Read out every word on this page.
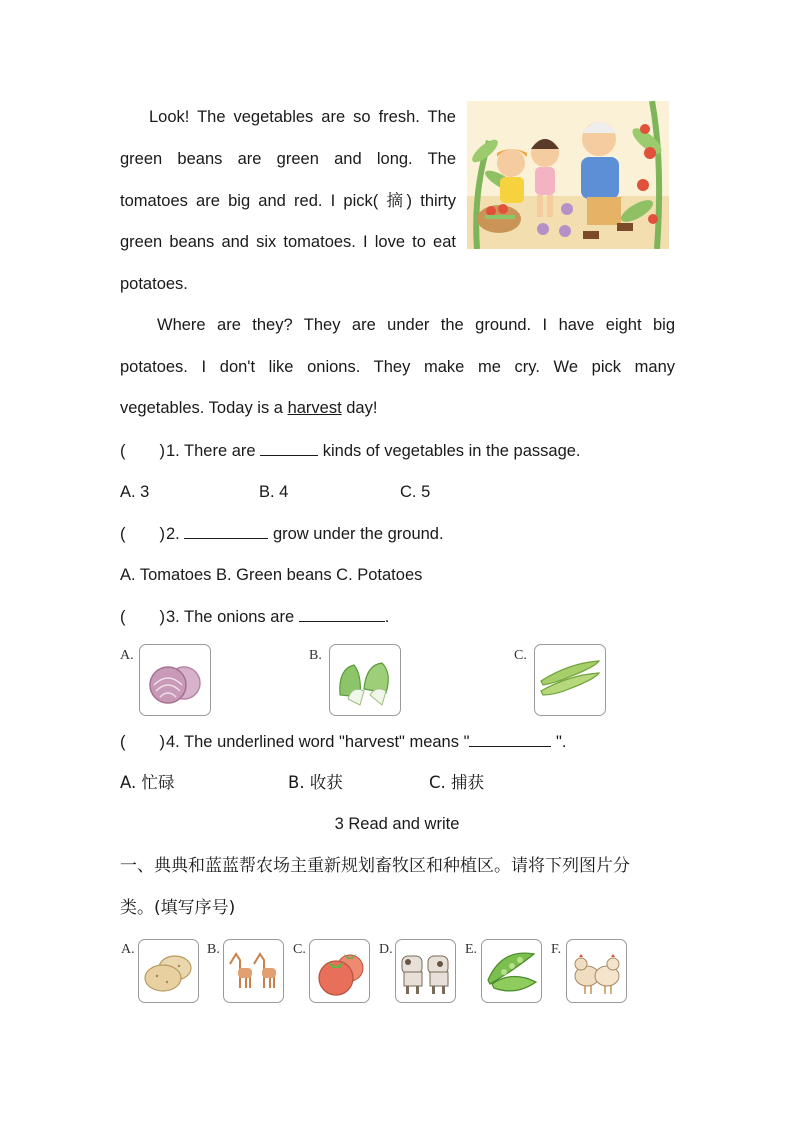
Look! The vegetables are so fresh. The
green beans are green and long. The
tomatoes are big and red. I pick( 摘) thirty
green beans and six tomatoes. I love to eat
potatoes.
Where are they? They are under the ground. I have eight big
potatoes. I don't like onions. They make me cry. We pick many
vegetables. Today is a harvest day!
( )1. There are	kinds of vegetables in the passage.
A. 3	B. 4	C. 5
( )2.	grow under the ground.
A. Tomatoes B. Green beans C. Potatoes
( )3. The onions are	.
A.	B.	C.
( )4. The underlined word "harvest" means "	".
A. 忙碌	B. 收获	C. 捕获
3 Read and write
一、典典和蓝蓝帮农场主重新规划畜牧区和种植区。请将下列图片分
类。(填写序号)
A.	B.	C.	D.	E.	F.
